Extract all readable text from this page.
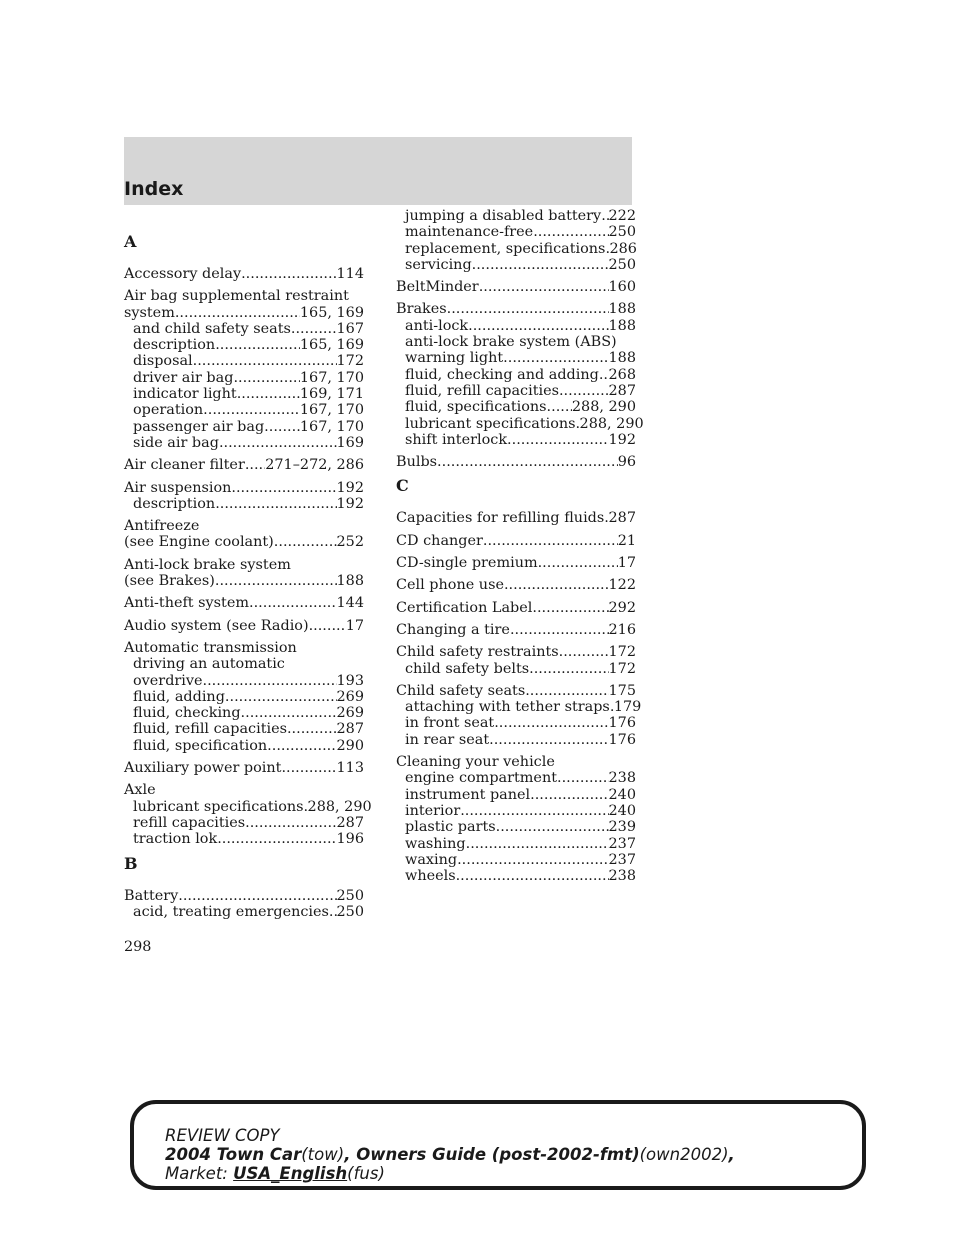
Index
A
Accessory delay .....	114
Air bag supplemental restraint
system .....	165, 169
and child safety seats .....	167
description .....	165, 169
disposal .....	172
driver air bag .....	167, 170
indicator light .....	169, 171
operation .....	167, 170
passenger air bag ..... 167, 170
side air bag .....	169
Air cleaner filter ..... 271–272, 286
Air suspension .....	192
description .....	192
Antifreeze
(see Engine coolant) .....	252
Anti-lock brake system
(see Brakes) .....	188
Anti-theft system .....	144
Audio system (see Radio) .....	17
Automatic transmission
driving an automatic
overdrive .....	193
fluid, adding .....	269
fluid, checking .....	269
fluid, refill capacities .....	287
fluid, specification .....	290
Auxiliary power point .....	113
Axle
lubricant specifications ..... 288, 290
refill capacities .....	287
traction lok .....	196
B
Battery .....	250
acid, treating emergencies ..... 250
jumping a disabled battery ..... 222
maintenance-free .....	250
replacement, specifications ..... 286
servicing .....	250
BeltMinder .....	160
Brakes .....	188
anti-lock .....	188
anti-lock brake system (ABS)
warning light .....	188
fluid, checking and adding ..... 268
fluid, refill capacities .....	287
fluid, specifications ..... 288, 290
lubricant specifications ..... 288, 290
shift interlock .....	192
Bulbs .....	96
C
Capacities for refilling fluids ..... 287
CD changer .....	21
CD-single premium .....	17
Cell phone use .....	122
Certification Label .....	292
Changing a tire .....	216
Child safety restraints .....	172
child safety belts .....	172
Child safety seats .....	175
attaching with tether straps ..... 179
in front seat .....	176
in rear seat .....	176
Cleaning your vehicle
engine compartment .....	238
instrument panel .....	240
interior .....	240
plastic parts .....	239
washing .....	237
waxing .....	237
wheels .....	238
298
REVIEW COPY
2004 Town Car(tow), Owners Guide (post-2002-fmt)(own2002),
Market: USA_English(fus)
